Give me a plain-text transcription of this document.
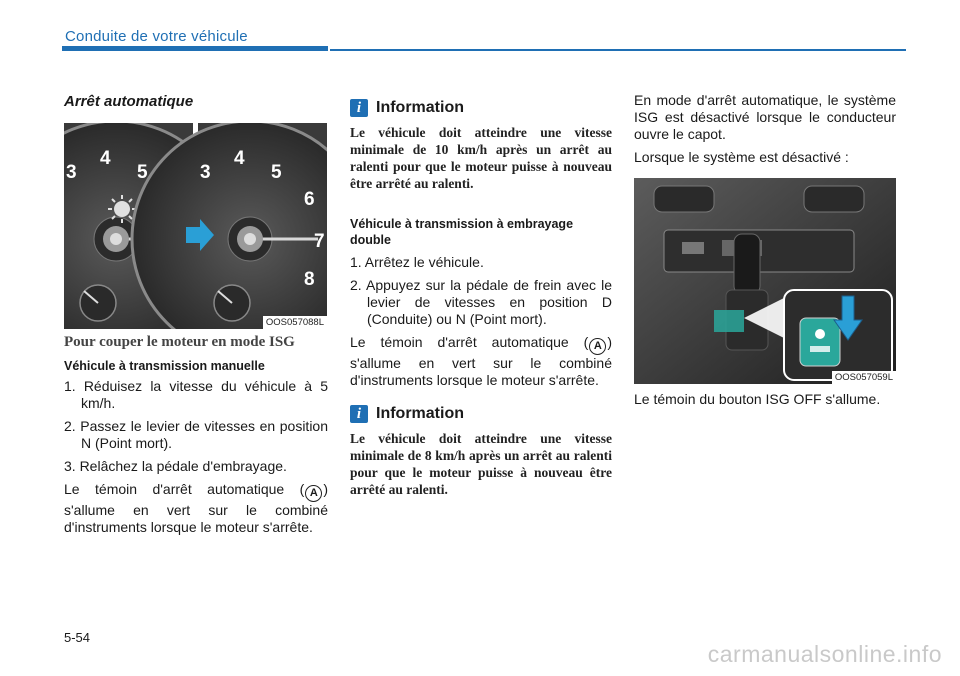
Conduite de votre véhicule
Arrêt automatique
3
4
5	3
4
5
6
7
8
OOS057088L
Pour couper le moteur en mode ISG
Véhicule à transmission manuelle
1. Réduisez la vitesse du véhicule à 5 km/h.
2. Passez le levier de vitesses en position N (Point mort).
3. Relâchez la pédale d'embrayage.

Le témoin d'arrêt automatique ( A ) s'allume en vert sur le combiné d'instruments lorsque le moteur s'arrête.

i Information
Le véhicule doit atteindre une vitesse minimale de 10 km/h après un arrêt au ralenti pour que le moteur puisse à nouveau être arrêté au ralenti.
Véhicule à transmission à embrayage double
1. Arrêtez le véhicule.
2. Appuyez sur la pédale de frein avec le levier de vitesses en position D (Conduite) ou N (Point mort).

Le témoin d'arrêt automatique ( A ) s'allume en vert sur le combiné d'instruments lorsque le moteur s'arrête.

i Information
Le véhicule doit atteindre une vitesse minimale de 8 km/h après un arrêt au ralenti pour que le moteur puisse à nouveau être arrêté au ralenti.

En mode d'arrêt automatique, le système ISG est désactivé lorsque le conducteur ouvre le capot.

Lorsque le système est désactivé :

OOS057059L

Le témoin du bouton ISG OFF s'allume.

5-54
carmanualsonline.info
